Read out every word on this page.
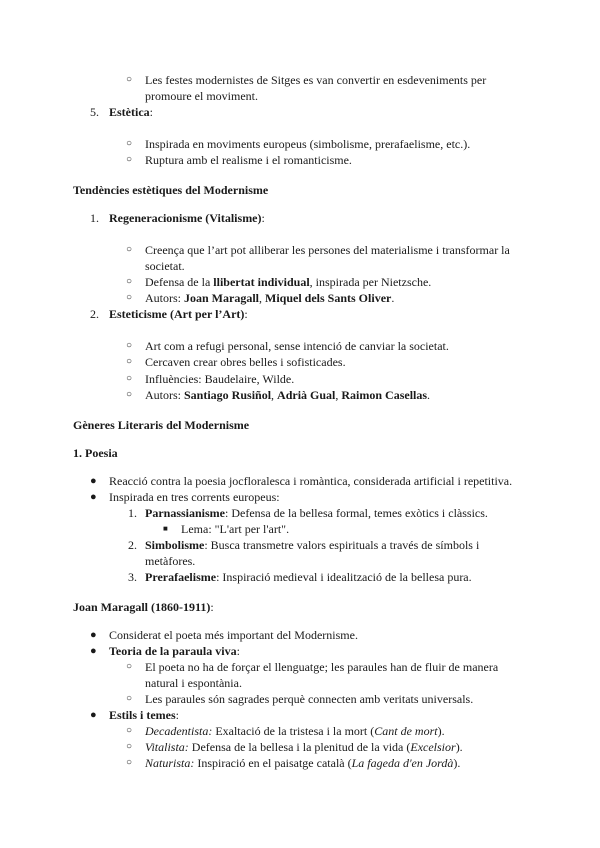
○ Les festes modernistes de Sitges es van convertir en esdeveniments per
promoure el moviment.
5. Estètica:
○ Inspirada en moviments europeus (simbolisme, prerafaelisme, etc.).
○ Ruptura amb el realisme i el romanticisme.
Tendències estètiques del Modernisme
1. Regeneracionisme (Vitalisme):
○ Creença que l’art pot alliberar les persones del materialisme i transformar la
societat.
○ Defensa de la llibertat individual, inspirada per Nietzsche.
○ Autors: Joan Maragall, Miquel dels Sants Oliver.
2. Esteticisme (Art per l’Art):
○ Art com a refugi personal, sense intenció de canviar la societat.
○ Cercaven crear obres belles i sofisticades.
○ Influències: Baudelaire, Wilde.
○ Autors: Santiago Rusiñol, Adrià Gual, Raimon Casellas.
Gèneres Literaris del Modernisme
1. Poesia
● Reacció contra la poesia jocfloralesca i romàntica, considerada artificial i repetitiva.
● Inspirada en tres corrents europeus:
1. Parnassianisme: Defensa de la bellesa formal, temes exòtics i clàssics.
■ Lema: "L'art per l'art".
2. Simbolisme: Busca transmetre valors espirituals a través de símbols i
metàfores.
3. Prerafaelisme: Inspiració medieval i idealització de la bellesa pura.
Joan Maragall (1860-1911):
● Considerat el poeta més important del Modernisme.
● Teoria de la paraula viva:
○ El poeta no ha de forçar el llenguatge; les paraules han de fluir de manera
natural i espontània.
○ Les paraules són sagrades perquè connecten amb veritats universals.
● Estils i temes:
○ Decadentista: Exaltació de la tristesa i la mort (Cant de mort).
○ Vitalista: Defensa de la bellesa i la plenitud de la vida (Excelsior).
○ Naturista: Inspiració en el paisatge català (La fageda d'en Jordà).
